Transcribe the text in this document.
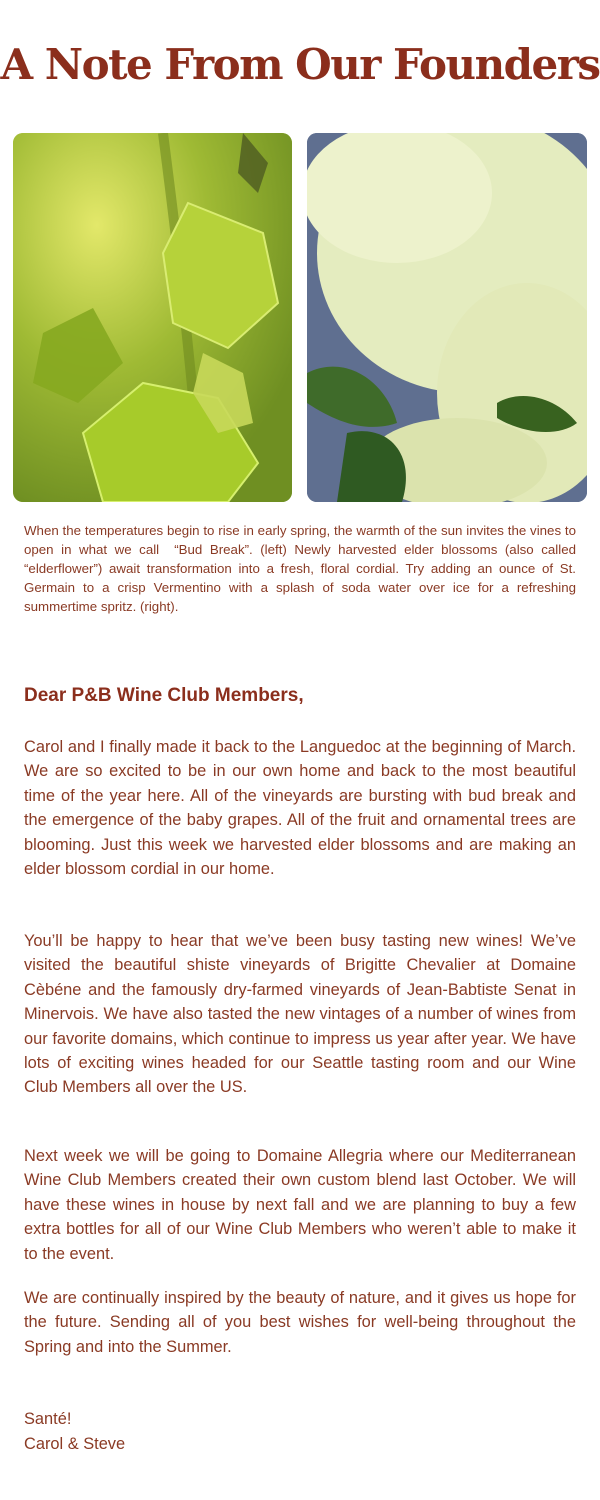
A Note From Our Founders

When the temperatures begin to rise in early spring, the warmth of the sun invites the vines to open in what we call  “Bud Break”. (left) Newly harvested elder blossoms (also called “elderflower”) await transformation into a fresh, floral cordial. Try adding an ounce of St. Germain to a crisp Vermentino with a splash of soda water over ice for a refreshing summertime spritz. (right).

Dear P&B Wine Club Members,

Carol and I finally made it back to the Languedoc at the beginning of March. We are so excited to be in our own home and back to the most beautiful time of the year here. All of the vineyards are bursting with bud break and the emergence of the baby grapes. All of the fruit and ornamental trees are blooming. Just this week we harvested elder blossoms and are making an elder blossom cordial in our home.

You’ll be happy to hear that we’ve been busy tasting new wines! We’ve visited the beautiful shiste vineyards of Brigitte Chevalier at Domaine Cèbéne and the famously dry-farmed vineyards of Jean-Babtiste Senat in Minervois. We have also tasted the new vintages of a number of wines from our favorite domains, which continue to impress us year after year. We have lots of exciting wines headed for our Seattle tasting room and our Wine Club Members all over the US.

Next week we will be going to Domaine Allegria where our Mediterranean Wine Club Members created their own custom blend last October. We will have these wines in house by next fall and we are planning to buy a few extra bottles for all of our Wine Club Members who weren’t able to make it to the event.

We are continually inspired by the beauty of nature, and it gives us hope for the future. Sending all of you best wishes for well-being throughout the Spring and into the Summer.

Santé!
Carol & Steve
